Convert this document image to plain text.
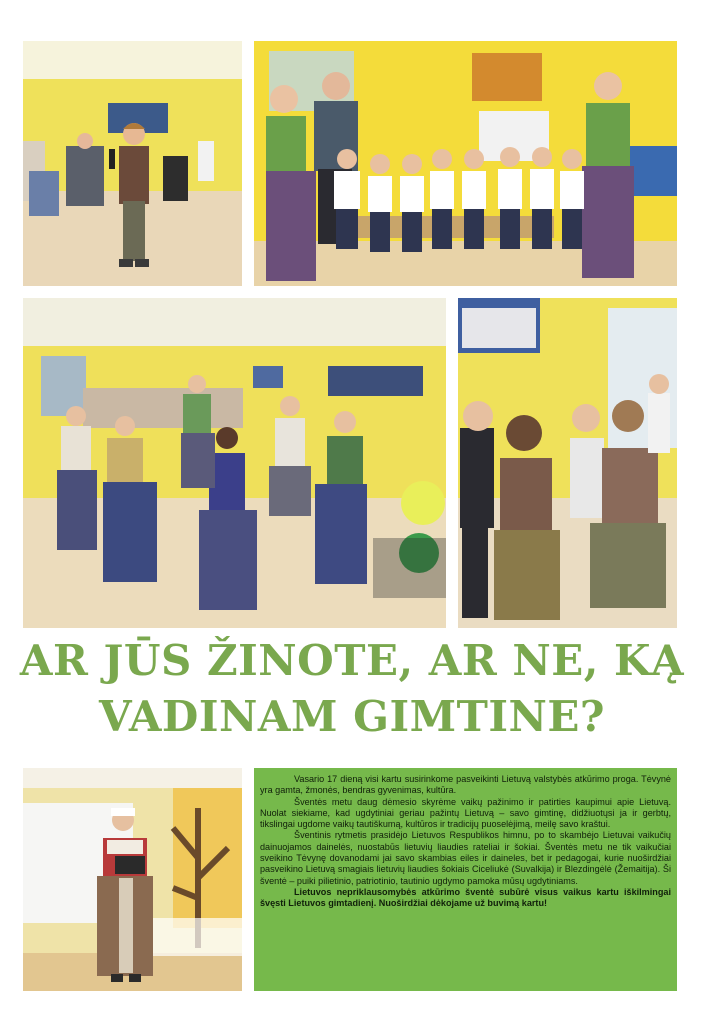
AR JŪS ŽINOTE, AR NE, KĄ
VADINAM GIMTINE?

Vasario 17 dieną visi kartu susirinkome pasveikinti Lietuvą valstybės atkūrimo proga. Tėvynė yra gamta, žmonės, bendras gyvenimas, kultūra.

Šventės metu daug dėmesio skyrėme vaikų pažinimo ir patirties kaupimui apie Lietuvą. Nuolat siekiame, kad ugdytiniai geriau pažintų Lietuvą – savo gimtinę, didžiuotųsi ja ir gerbtų, tikslingai ugdome vaikų tautiškumą, kultūros ir tradicijų puoselėjimą, meilę savo kraštui.

Šventinis rytmetis prasidėjo Lietuvos Respublikos himnu, po to skambėjo Lietuvai vaikučių dainuojamos dainelės, nuostabūs lietuvių liaudies rateliai ir šokiai. Šventės metu ne tik vaikučiai sveikino Tėvynę dovanodami jai savo skambias eiles ir daineles, bet ir pedagogai, kurie nuoširdžiai pasveikino Lietuvą smagiais lietuvių liaudies šokiais Ciceliukė (Suvalkija) ir Blezdingėlė (Žemaitija). Ši šventė – puiki pilietinio, patriotinio, tautinio ugdymo pamoka mūsų ugdytiniams.

Lietuvos nepriklausomybės atkūrimo šventė subūrė visus vaikus kartu iškilmingai švęsti Lietuvos gimtadienį. Nuoširdžiai dėkojame už buvimą kartu!
